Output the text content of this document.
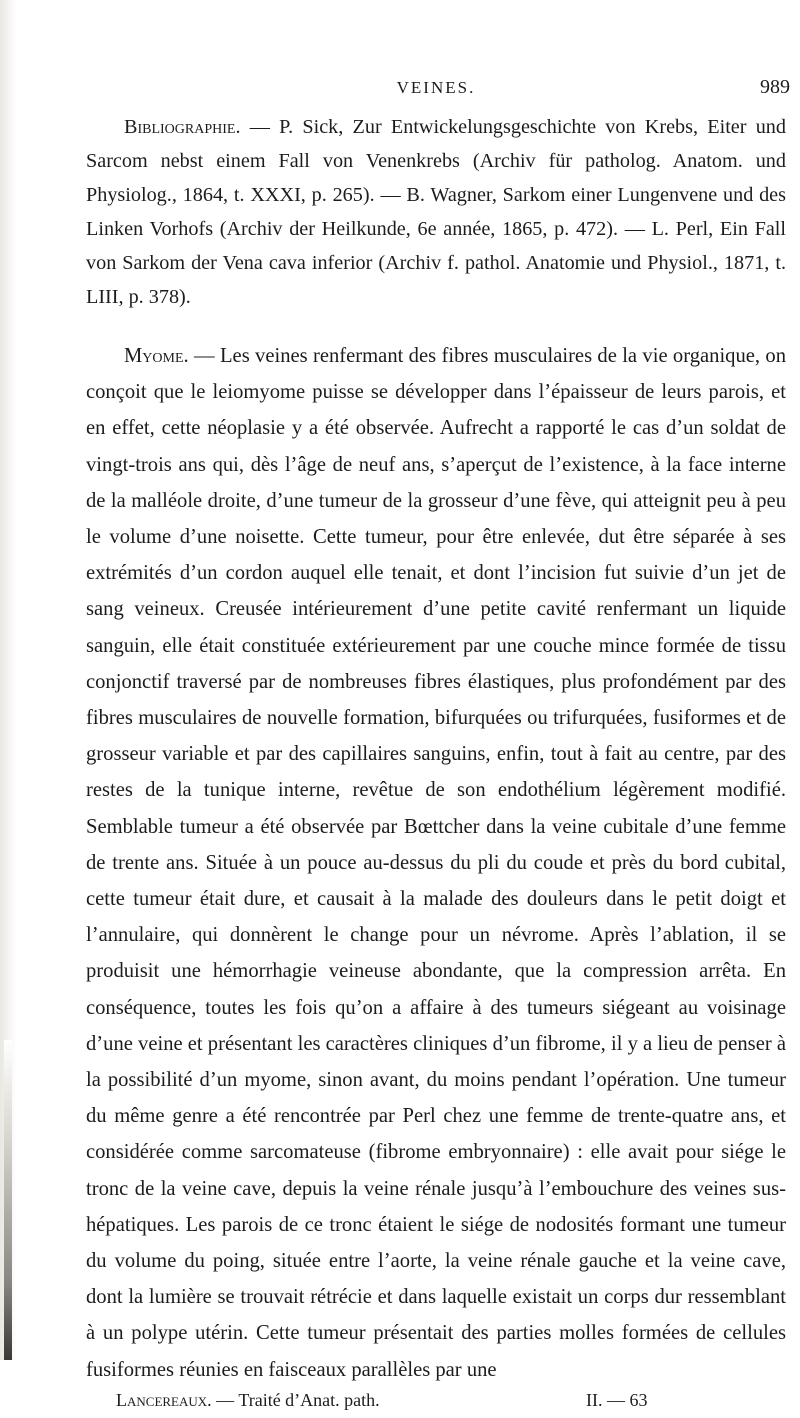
VEINES.	989

Bibliographie. — P. Sick, Zur Entwickelungsgeschichte von Krebs, Eiter und Sarcom nebst einem Fall von Venenkrebs (Archiv für patholog. Anatom. und Physiolog., 1864, t. XXXI, p. 265). — B. Wagner, Sarkom einer Lungenvene und des Linken Vorhofs (Archiv der Heilkunde, 6e année, 1865, p. 472). — L. Perl, Ein Fall von Sarkom der Vena cava inferior (Archiv f. pathol. Anatomie und Physiol., 1871, t. LIII, p. 378).

Myome. — Les veines renfermant des fibres musculaires de la vie organique, on conçoit que le leiomyome puisse se développer dans l’épaisseur de leurs parois, et en effet, cette néoplasie y a été observée. Aufrecht a rapporté le cas d’un soldat de vingt-trois ans qui, dès l’âge de neuf ans, s’aperçut de l’existence, à la face interne de la malléole droite, d’une tumeur de la grosseur d’une fève, qui atteignit peu à peu le volume d’une noisette. Cette tumeur, pour être enlevée, dut être séparée à ses extrémités d’un cordon auquel elle tenait, et dont l’incision fut suivie d’un jet de sang veineux. Creusée intérieurement d’une petite cavité renfermant un liquide sanguin, elle était constituée extérieurement par une couche mince formée de tissu conjonctif traversé par de nombreuses fibres élastiques, plus profondément par des fibres musculaires de nouvelle formation, bifurquées ou trifurquées, fusiformes et de grosseur variable et par des capillaires sanguins, enfin, tout à fait au centre, par des restes de la tunique interne, revêtue de son endothélium légèrement modifié. Semblable tumeur a été observée par Bœttcher dans la veine cubitale d’une femme de trente ans. Située à un pouce au-dessus du pli du coude et près du bord cubital, cette tumeur était dure, et causait à la malade des douleurs dans le petit doigt et l’annulaire, qui donnèrent le change pour un névrome. Après l’ablation, il se produisit une hémorrhagie veineuse abondante, que la compression arrêta. En conséquence, toutes les fois qu’on a affaire à des tumeurs siégeant au voisinage d’une veine et présentant les caractères cliniques d’un fibrome, il y a lieu de penser à la possibilité d’un myome, sinon avant, du moins pendant l’opération. Une tumeur du même genre a été rencontrée par Perl chez une femme de trente-quatre ans, et considérée comme sarcomateuse (fibrome embryonnaire) : elle avait pour siége le tronc de la veine cave, depuis la veine rénale jusqu’à l’embouchure des veines sus-hépatiques. Les parois de ce tronc étaient le siége de nodosités formant une tumeur du volume du poing, située entre l’aorte, la veine rénale gauche et la veine cave, dont la lumière se trouvait rétrécie et dans laquelle existait un corps dur ressemblant à un polype utérin. Cette tumeur présentait des parties molles formées de cellules fusiformes réunies en faisceaux parallèles par une

Lancereaux. — Traité d’Anat. path.	II. — 63
